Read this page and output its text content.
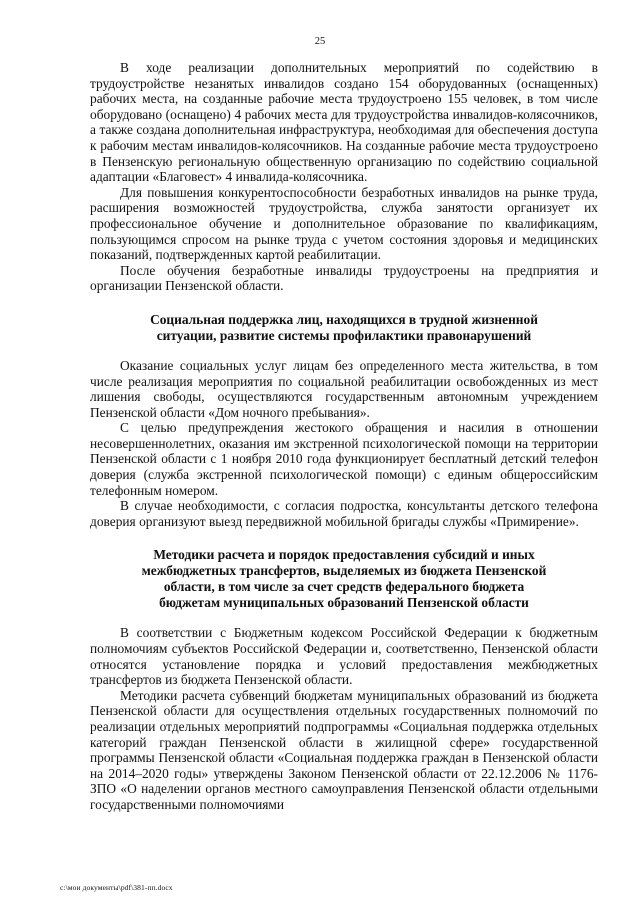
25

В ходе реализации дополнительных мероприятий по содействию в трудоустройстве незанятых инвалидов создано 154 оборудованных (оснащенных) рабочих места, на созданные рабочие места трудоустроено 155 человек, в том числе оборудовано (оснащено) 4 рабочих места для трудоустройства инвалидов-колясочников, а также создана дополнительная инфраструктура, необходимая для обеспечения доступа к рабочим местам инвалидов-колясочников. На созданные рабочие места трудоустроено в Пензенскую региональную общественную организацию по содействию социальной адаптации «Благовест» 4 инвалида-колясочника.

Для повышения конкурентоспособности безработных инвалидов на рынке труда, расширения возможностей трудоустройства, служба занятости организует их профессиональное обучение и дополнительное образование по квалификациям, пользующимся спросом на рынке труда с учетом состояния здоровья и медицинских показаний, подтвержденных картой реабилитации.

После обучения безработные инвалиды трудоустроены на предприятия и организации Пензенской области.

Социальная поддержка лиц, находящихся в трудной жизненной

ситуации, развитие системы профилактики правонарушений

Оказание социальных услуг лицам без определенного места жительства, в том числе реализация мероприятия по социальной реабилитации освобожденных из мест лишения свободы, осуществляются государственным автономным учреждением Пензенской области «Дом ночного пребывания».

С целью предупреждения жестокого обращения и насилия в отношении несовершеннолетних, оказания им экстренной психологической помощи на территории Пензенской области с 1 ноября 2010 года функционирует бесплатный детский телефон доверия (служба экстренной психологической помощи) с единым общероссийским телефонным номером.

В случае необходимости, с согласия подростка, консультанты детского телефона доверия организуют выезд передвижной мобильной бригады службы «Примирение».

Методики расчета и порядок предоставления субсидий и иных

межбюджетных трансфертов, выделяемых из бюджета Пензенской

области, в том числе за счет средств федерального бюджета

бюджетам муниципальных образований Пензенской области

В соответствии с Бюджетным кодексом Российской Федерации к бюджетным полномочиям субъектов Российской Федерации и, соответственно, Пензенской области относятся установление порядка и условий предоставления межбюджетных трансфертов из бюджета Пензенской области.

Методики расчета субвенций бюджетам муниципальных образований из бюджета Пензенской области для осуществления отдельных государственных полномочий по реализации отдельных мероприятий подпрограммы «Социальная поддержка отдельных категорий граждан Пензенской области в жилищной сфере» государственной программы Пензенской области «Социальная поддержка граждан в Пензенской области на 2014–2020 годы» утверждены Законом Пензенской области от 22.12.2006 № 1176-ЗПО «О наделении органов местного самоуправления Пензенской области отдельными государственными полномочиями

c:\мои документы\pdf\381-пп.docx
